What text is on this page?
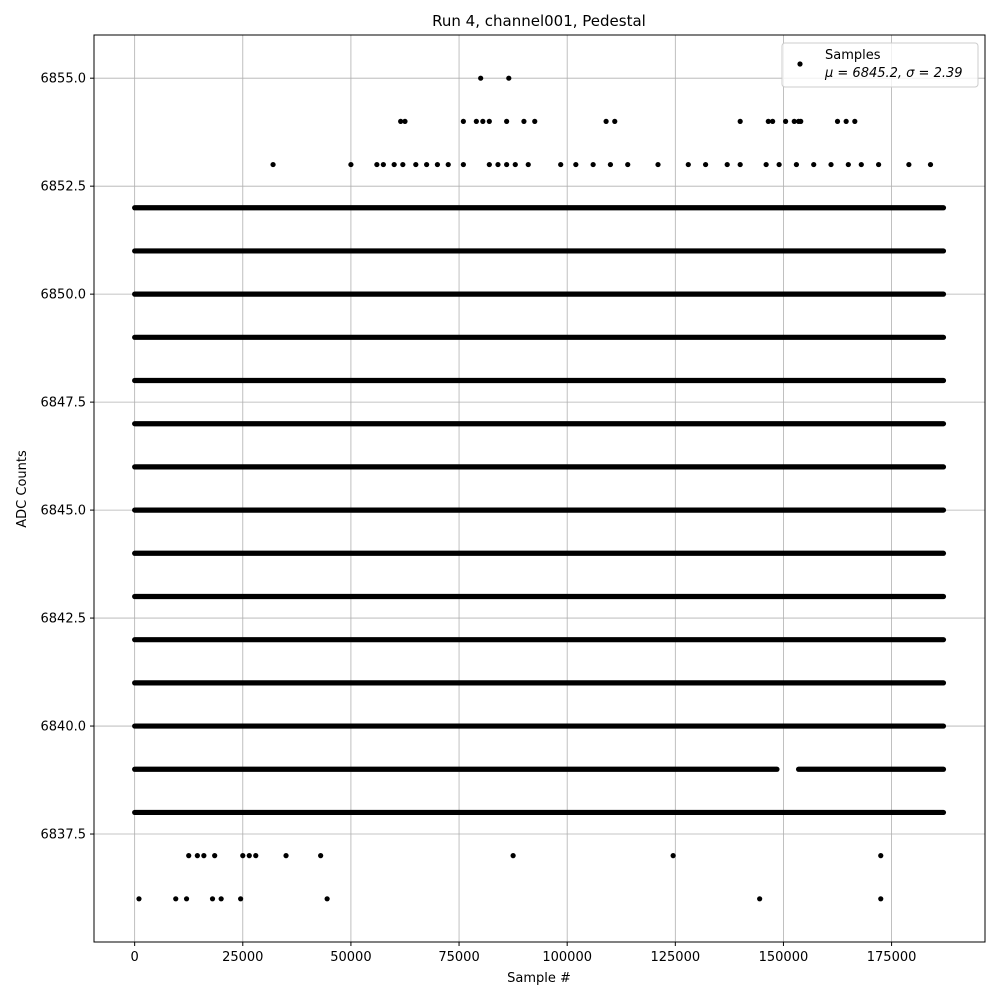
Run 4, channel001, Pedestal
0	25000	50000	75000	100000	125000	150000	175000
6837.5
6840.0
6842.5
6845.0
6847.5
6850.0
6852.5
6855.0
Sample #
ADC Counts
Samples
μ = 6845.2, σ = 2.39
